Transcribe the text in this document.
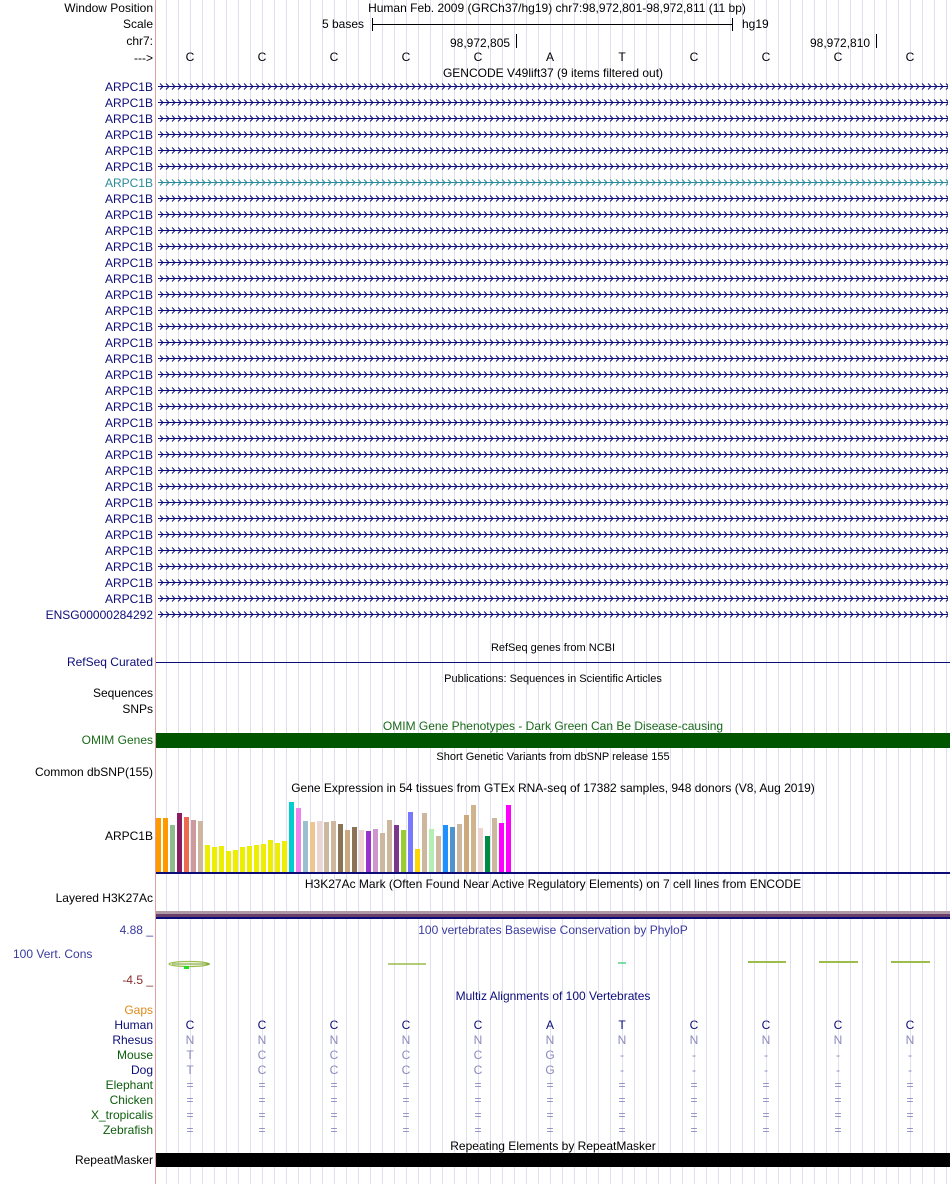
Window Position	Human Feb. 2009 (GRCh37/hg19) chr7:98,972,801-98,972,811 (11 bp)
Scale	5 bases	hg19
chr7:	98,972,805	98,972,810
--->	C	C	C	C	C	A	T	C	C	C	C
GENCODE V49lift37 (9 items filtered out)
ARPC1B
ARPC1B
ARPC1B
ARPC1B
ARPC1B
ARPC1B
ARPC1B
ARPC1B
ARPC1B
ARPC1B
ARPC1B
ARPC1B
ARPC1B
ARPC1B
ARPC1B
ARPC1B
ARPC1B
ARPC1B
ARPC1B
ARPC1B
ARPC1B
ARPC1B
ARPC1B
ARPC1B
ARPC1B
ARPC1B
ARPC1B
ARPC1B
ARPC1B
ARPC1B
ARPC1B
ARPC1B
ARPC1B
ENSG00000284292
RefSeq genes from NCBI
RefSeq Curated
Publications: Sequences in Scientific Articles
Sequences
SNPs
OMIM Gene Phenotypes - Dark Green Can Be Disease-causing
OMIM Genes
Short Genetic Variants from dbSNP release 155
Common dbSNP(155)
Gene Expression in 54 tissues from GTEx RNA-seq of 17382 samples, 948 donors (V8, Aug 2019)
ARPC1B
H3K27Ac Mark (Often Found Near Active Regulatory Elements) on 7 cell lines from ENCODE
Layered H3K27Ac
100 vertebrates Basewise Conservation by PhyloP
4.88 _
100 Vert. Cons
-4.5 _
Multiz Alignments of 100 Vertebrates
Gaps
Human	C	C	C	C	C	A	T	C	C	C	C
Rhesus	N	N	N	N	N	N	N	N	N	N	N
Mouse	T	C	C	C	C	G	-	-	-	-	-
Dog	T	C	C	C	C	G	-	-	-	-	-
Elephant	=	=	=	=	=	=	=	=	=	=	=
Chicken	=	=	=	=	=	=	=	=	=	=	=
X_tropicalis	=	=	=	=	=	=	=	=	=	=	=
Zebrafish	=	=	=	=	=	=	=	=	=	=	=
Repeating Elements by RepeatMasker
RepeatMasker
